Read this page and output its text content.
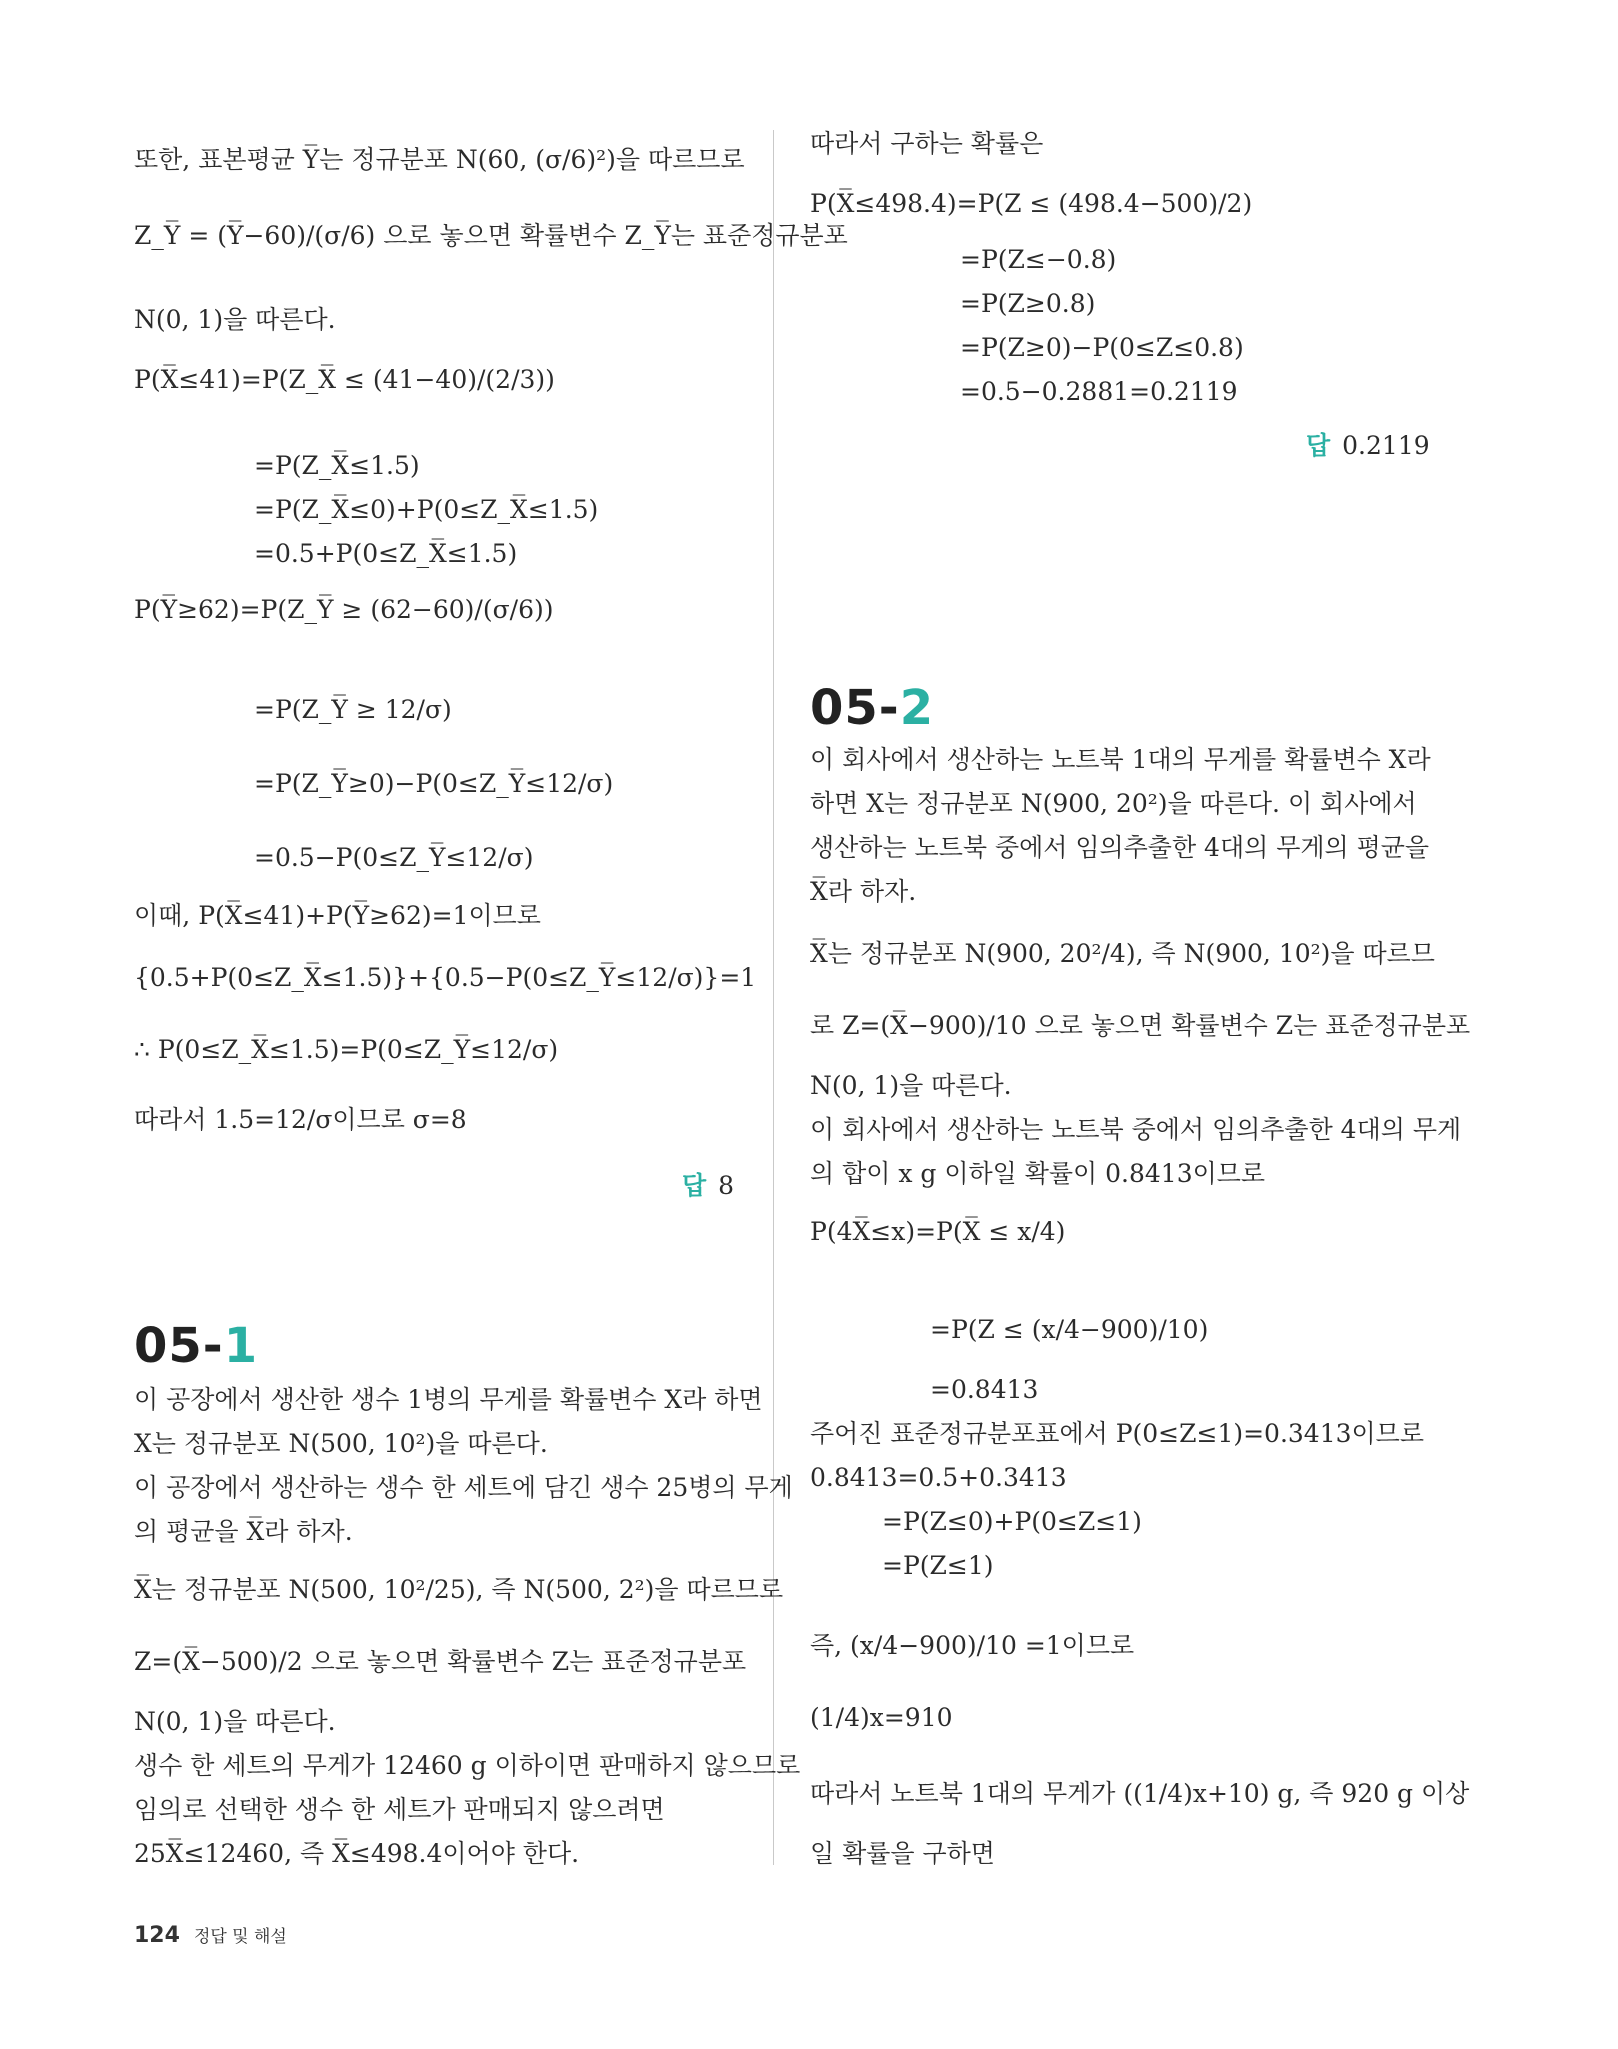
또한, 표본평균 Y̅는 정규분포 N(60, (σ/6)²)을 따르므로
Z_Y̅ = (Y̅−60)/(σ/6) 으로 놓으면 확률변수 Z_Y̅는 표준정규분포
N(0, 1)을 따른다.
P(X̅≤41)=P(Z_X̅ ≤ (41−40)/(2/3))
=P(Z_X̅≤1.5)
=P(Z_X̅≤0)+P(0≤Z_X̅≤1.5)
=0.5+P(0≤Z_X̅≤1.5)
P(Y̅≥62)=P(Z_Y̅ ≥ (62−60)/(σ/6))
=P(Z_Y̅ ≥ 12/σ)
=P(Z_Y̅≥0)−P(0≤Z_Y̅≤12/σ)
=0.5−P(0≤Z_Y̅≤12/σ)
이때, P(X̅≤41)+P(Y̅≥62)=1이므로
{0.5+P(0≤Z_X̅≤1.5)}+{0.5−P(0≤Z_Y̅≤12/σ)}=1
∴ P(0≤Z_X̅≤1.5)=P(0≤Z_Y̅≤12/σ)
따라서 1.5=12/σ이므로 σ=8
답 8
05-1
이 공장에서 생산한 생수 1병의 무게를 확률변수 X라 하면
X는 정규분포 N(500, 10²)을 따른다.
이 공장에서 생산하는 생수 한 세트에 담긴 생수 25병의 무게
의 평균을 X̅라 하자.
X̅는 정규분포 N(500, 10²/25), 즉 N(500, 2²)을 따르므로
Z=(X̅−500)/2 으로 놓으면 확률변수 Z는 표준정규분포
N(0, 1)을 따른다.
생수 한 세트의 무게가 12460 g 이하이면 판매하지 않으므로
임의로 선택한 생수 한 세트가 판매되지 않으려면
25X̅≤12460, 즉 X̅≤498.4이어야 한다.
따라서 구하는 확률은
P(X̅≤498.4)=P(Z ≤ (498.4−500)/2)
=P(Z≤−0.8)
=P(Z≥0.8)
=P(Z≥0)−P(0≤Z≤0.8)
=0.5−0.2881=0.2119
답 0.2119
05-2
이 회사에서 생산하는 노트북 1대의 무게를 확률변수 X라
하면 X는 정규분포 N(900, 20²)을 따른다. 이 회사에서
생산하는 노트북 중에서 임의추출한 4대의 무게의 평균을
X̅라 하자.
X̅는 정규분포 N(900, 20²/4), 즉 N(900, 10²)을 따르므
로 Z=(X̅−900)/10 으로 놓으면 확률변수 Z는 표준정규분포
N(0, 1)을 따른다.
이 회사에서 생산하는 노트북 중에서 임의추출한 4대의 무게
의 합이 x g 이하일 확률이 0.8413이므로
P(4X̅≤x)=P(X̅ ≤ x/4)
=P(Z ≤ (x/4−900)/10)
=0.8413
주어진 표준정규분포표에서 P(0≤Z≤1)=0.3413이므로
0.8413=0.5+0.3413
=P(Z≤0)+P(0≤Z≤1)
=P(Z≤1)
즉, (x/4−900)/10 =1이므로
(1/4)x=910
따라서 노트북 1대의 무게가 ((1/4)x+10) g, 즉 920 g 이상
일 확률을 구하면
124 정답 및 해설
